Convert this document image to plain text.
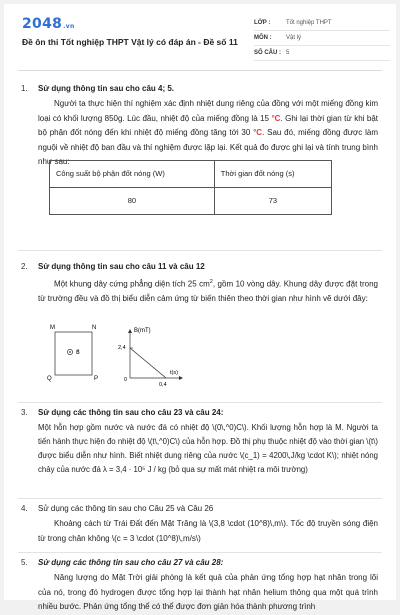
2048.vn
Đề ôn thi Tốt nghiệp THPT Vật lý có đáp án - Đề số 11
LỚP :	Tốt nghiệp THPT
MÔN :	Vật lý
SỐ CÂU : 5
1. Sử dụng thông tin sau cho câu 4; 5.
Người ta thực hiện thí nghiệm xác định nhiệt dung riêng của đồng với một miếng đồng kim loại có khối lượng 850g. Lúc đầu, nhiệt độ của miếng đồng là 15 °C. Ghi lại thời gian từ khi bật bộ phận đốt nóng đến khi nhiệt độ miếng đồng tăng tới 30 °C. Sau đó, miếng đồng được làm nguội về nhiệt độ ban đầu và thí nghiệm được lặp lại. Kết quả đo được ghi lại và tính trung bình như sau:
Công suất bộ phận đốt nóng (W)	Thời gian đốt nóng (s)
80	73
2. Sử dụng thông tin sau cho câu 11 và câu 12
Một khung dây cứng phẳng diện tích 25 $cm^2$, gồm 10 vòng dây. Khung dây được đặt trong từ trường đều và đồ thị biểu diễn cảm ứng từ biến thiên theo thời gian như hình vẽ dưới đây:
M	N
B⃗
Q	P
B(mT)
t(s)
2,4
0
0,4
3. Sử dụng các thông tin sau cho câu 23 và câu 24:
Một hỗn hợp gồm nước và nước đá có nhiệt độ \(0\,^0)C\). Khối lượng hỗn hợp là M. Người ta tiến hành thực hiện đo nhiệt độ \(t\,^0)C\) của hỗn hợp. Đồ thị phụ thuộc nhiệt độ vào thời gian \(t\) được biểu diễn như hình. Biết nhiệt dung riêng của nước \(c_1) = 4200\,J/kg \cdot K\); nhiệt nóng chảy của nước đá λ = 3,4 · 10⁵ J / kg (bỏ qua sự mất mát nhiệt ra môi trường)
4. Sử dụng các thông tin sau cho Câu 25 và Câu 26
Khoảng cách từ Trái Đất đến Mặt Trăng là \(3,8 \cdot (10^8)\,m\). Tốc độ truyền sóng điện từ trong chân không \(c = 3 \cdot (10^8)\,m/s\)
5. Sử dụng các thông tin sau cho câu 27 và câu 28:
Năng lượng do Mặt Trời giải phóng là kết quả của phản ứng tổng hợp hạt nhân trong lõi của nó, trong đó hydrogen được tổng hợp lại thành hạt nhân helium thông qua một quá trình nhiều bước. Phản ứng tổng thể có thể được đơn giản hóa thành phương trình
